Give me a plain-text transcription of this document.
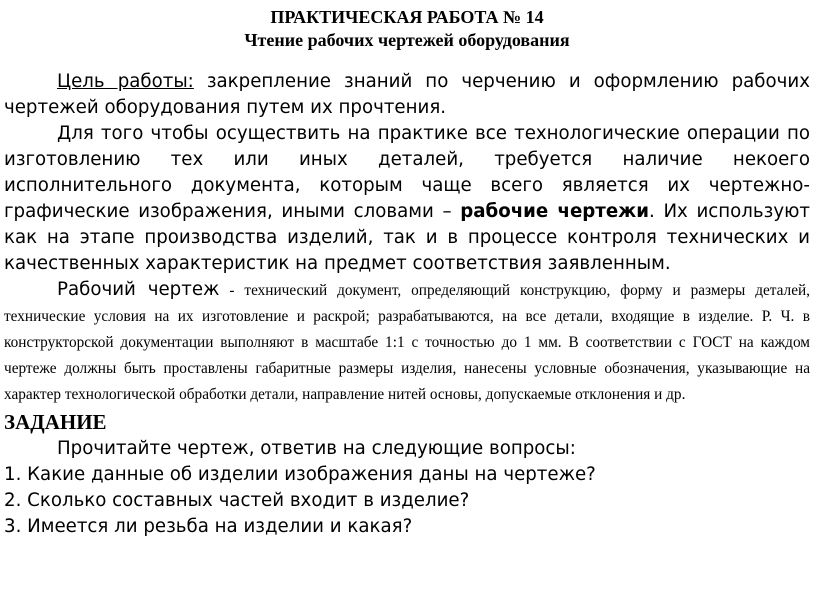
ПРАКТИЧЕСКАЯ РАБОТА № 14
Чтение рабочих чертежей оборудования

Цель работы: закрепление знаний по черчению и оформлению рабочих чертежей оборудования путем их прочтения.

Для того чтобы осуществить на практике все технологические операции по изготовлению тех или иных деталей, требуется наличие некоего исполнительного документа, которым чаще всего является их чертежно-графические изображения, иными словами – рабочие чертежи. Их используют как на этапе производства изделий, так и в процессе контроля технических и качественных характеристик на предмет соответствия заявленным.

Рабочий чертеж - технический документ, определяющий конструкцию, форму и размеры деталей, технические условия на их изготовление и раскрой; разрабатываются, на все детали, входящие в изделие. Р. Ч. в конструкторской документации выполняют в масштабе 1:1 с точностью до 1 мм. В соответствии с ГОСТ на каждом чертеже должны быть проставлены габаритные размеры изделия, нанесены условные обозначения, указывающие на характер технологической обработки детали, направление нитей основы, допускаемые отклонения и др.

ЗАДАНИЕ

Прочитайте чертеж, ответив на следующие вопросы:

1. Какие данные об изделии изображения даны на чертеже?

2. Сколько составных частей входит в изделие?

3. Имеется ли резьба на изделии и какая?
